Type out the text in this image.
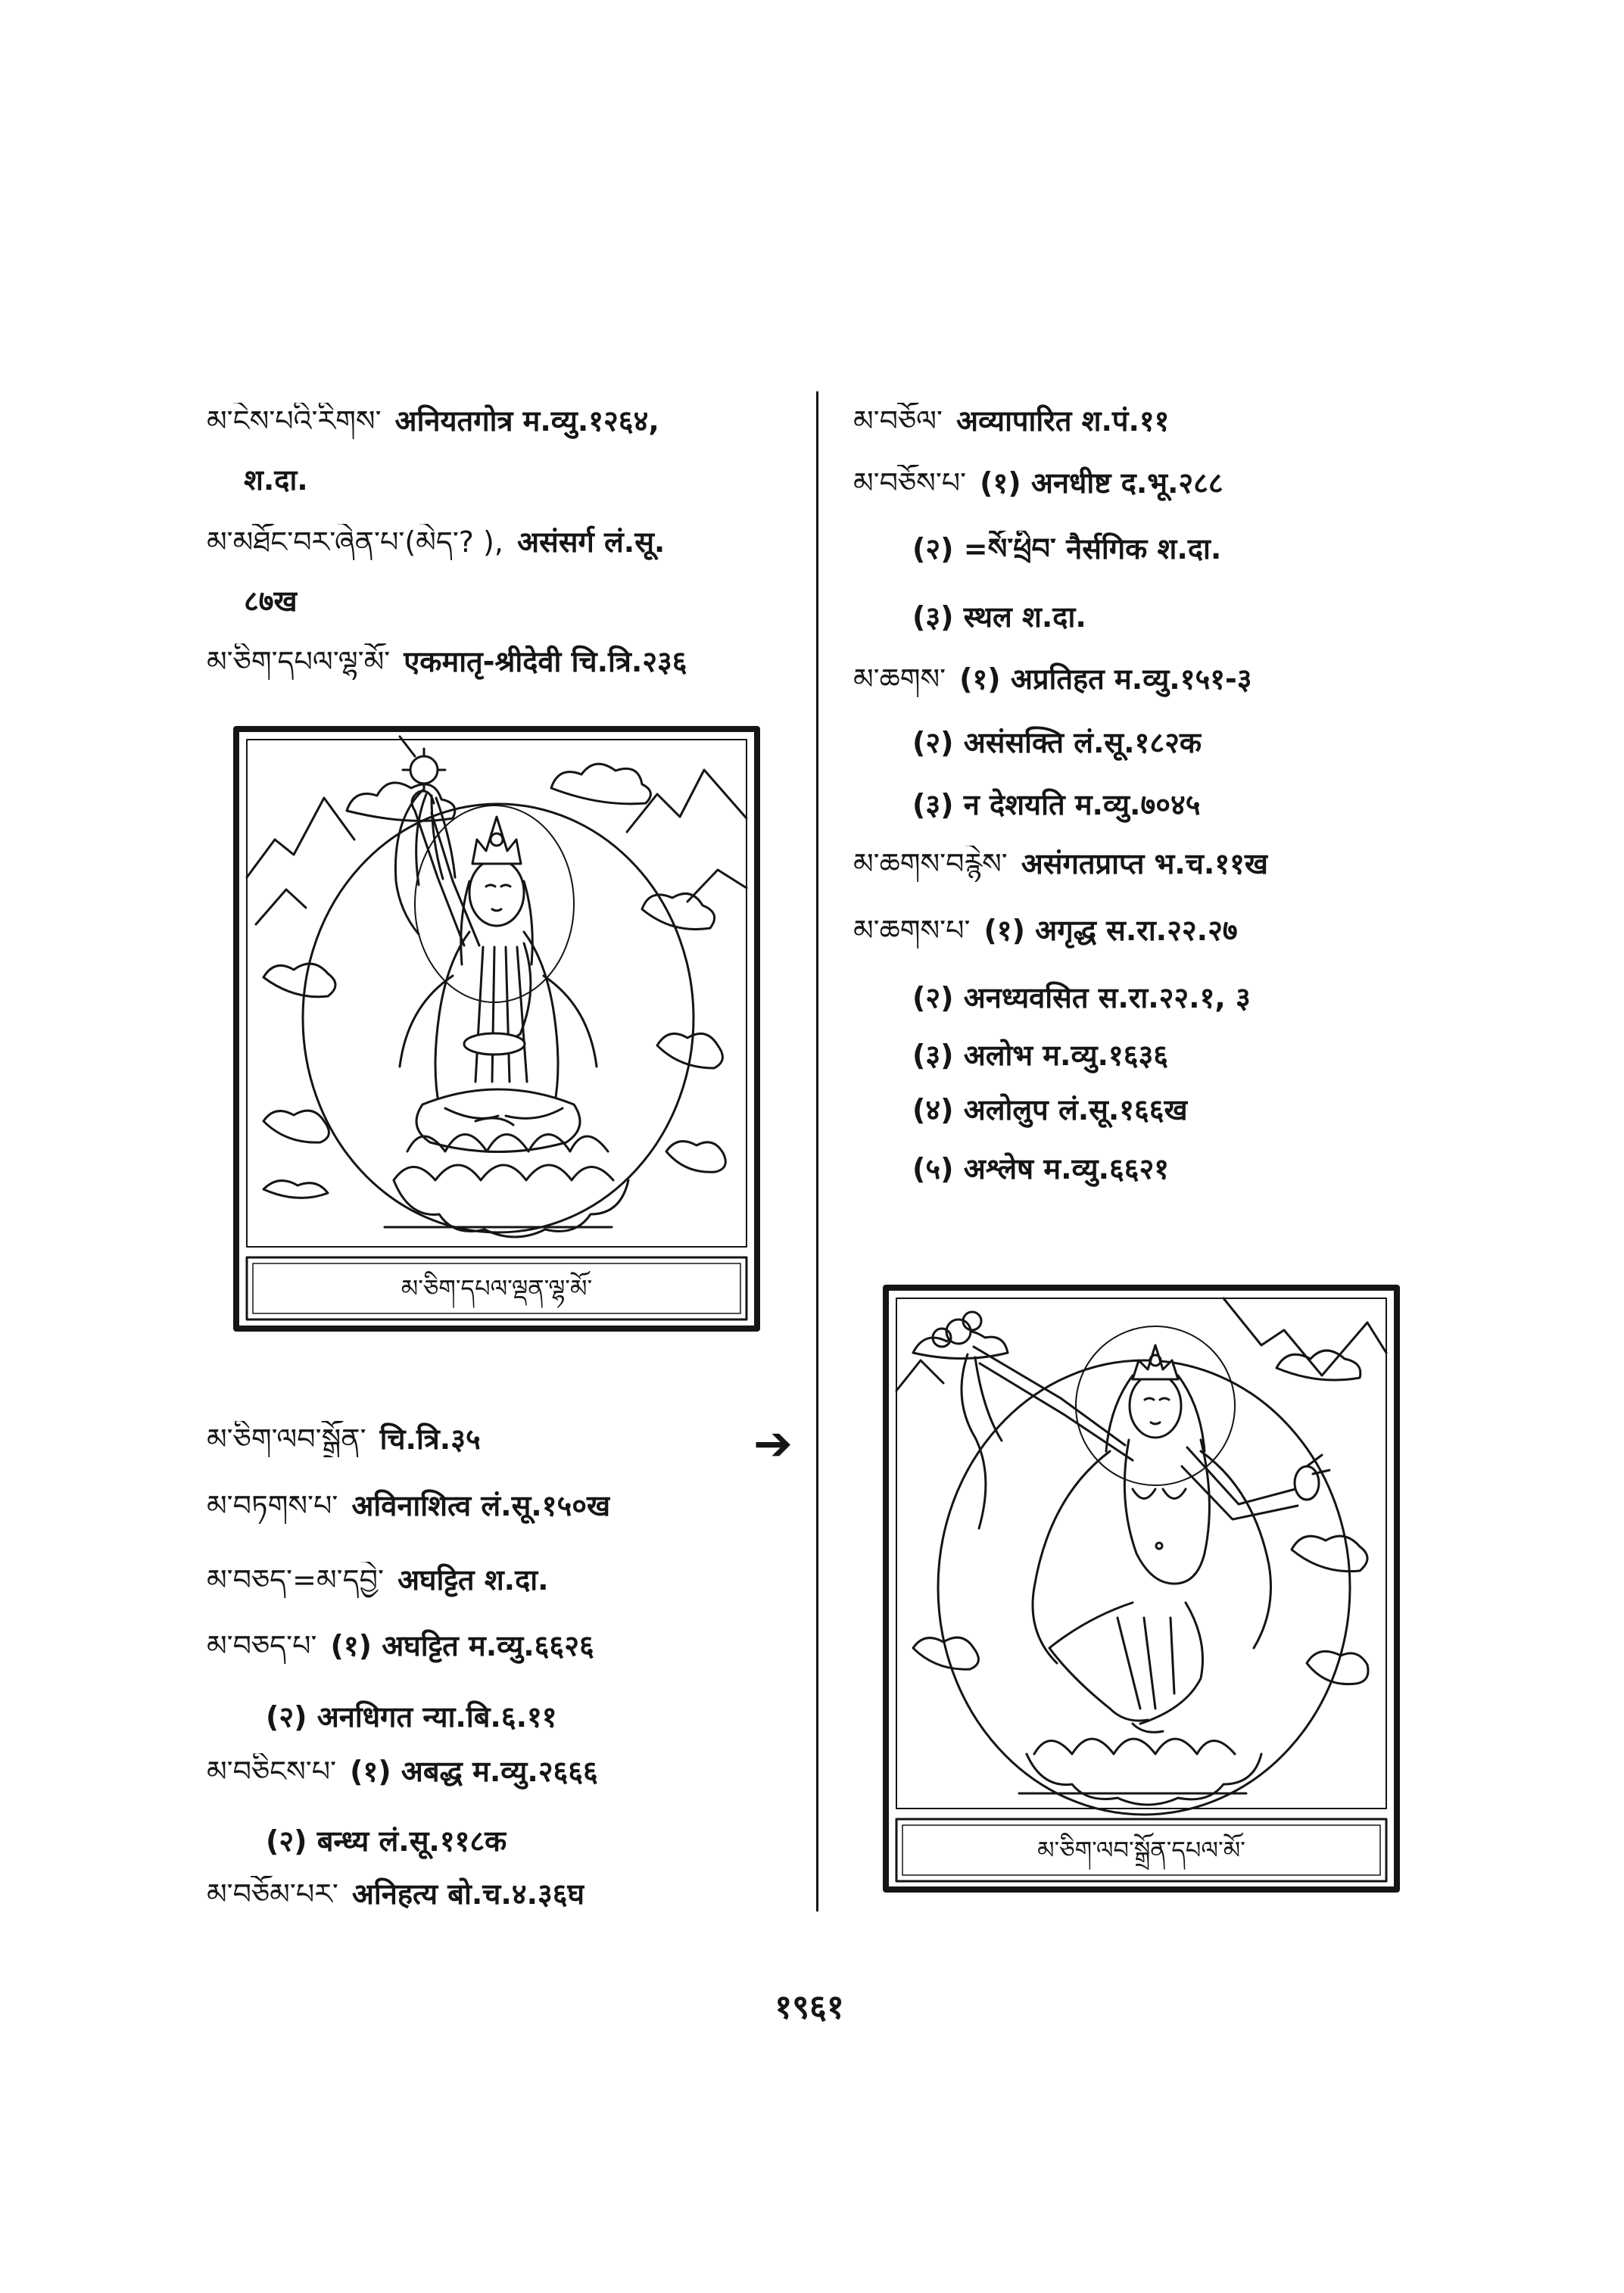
མ་ངེས་པའི་རིགས་ अनियतगोत्र म.व्यु.१२६४,
श.दा.
མ་མཐོང་བར་ཞེན་པ་(མེད་? ), असंसर्ग लं.सू.
८७ख
མ་ཅིག་དཔལ་ལྷ་མོ་ एकमातृ-श्रीदेवी चि.त्रि.२३६
མ་ཅིག་དཔལ་ལྡན་ལྷ་མོ་
མ་ཅིག་ལབ་སྒྲོན་ चि.त्रि.३५
མ་བཏགས་པ་ अविनाशित्व लं.सू.१५०ख
མ་བཅད་=མ་དབྱེ་ अघट्टित श.दा.
མ་བཅད་པ་ (१) अघट्टित म.व्यु.६६२६
(२) अनधिगत न्या.बि.६.११
མ་བཅིངས་པ་ (१) अबद्ध म.व्यु.२६६६
(२) बन्ध्य लं.सू.११८क
མ་བཅོམ་པར་ अनिहत्य बो.च.४.३६घ
➔
མ་བཅོལ་ अव्यापारित श.पं.११
མ་བཅོས་པ་ (१) अनधीष्ट द.भू.२८८
(२) =སོ་ཕྲིབ་ नैर्सगिक श.दा.
(३) स्थल श.दा.
མ་ཆགས་ (१) अप्रतिहत म.व्यु.१५१-३
(२) असंसक्ति लं.सू.१८२क
(३) न देशयति म.व्यु.७०४५
མ་ཆགས་བརྙེས་ असंगतप्राप्त भ.च.११ख
མ་ཆགས་པ་ (१) अगृद्ध स.रा.२२.२७
(२) अनध्यवसित स.रा.२२.१, ३
(३) अलोभ म.व्यु.१६३६
(४) अलोलुप लं.सू.१६६ख
(५) अश्लेष म.व्यु.६६२१
མ་ཅིག་ལབ་སྒྲོན་དཔལ་མོ་
१९६१
